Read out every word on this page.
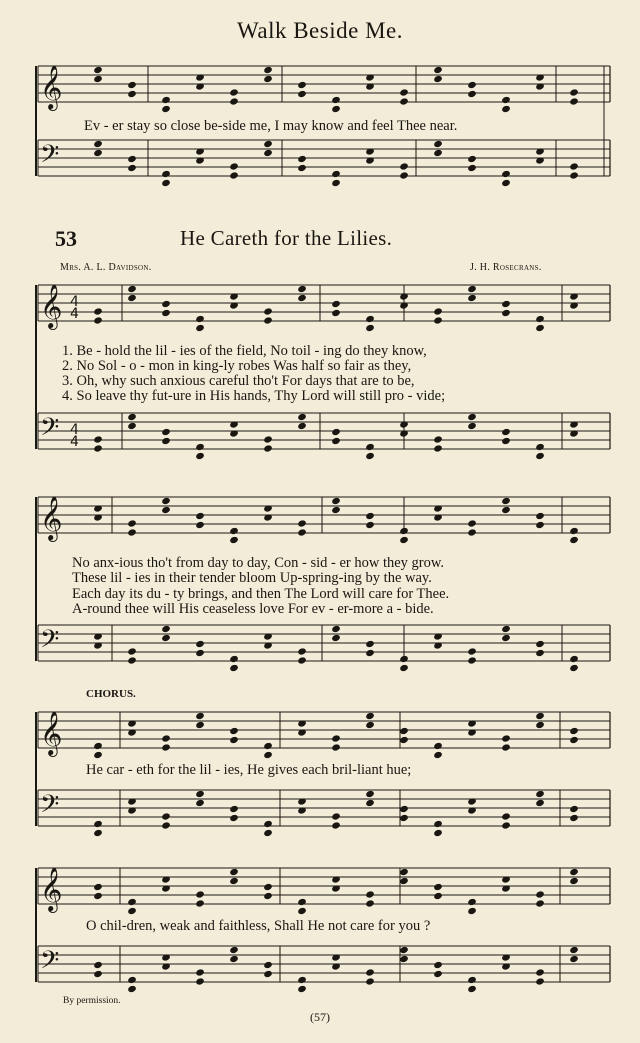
Walk Beside Me.
𝄞
𝄢
𝄞
𝄢
𝄞
𝄢
𝄞
𝄢
𝄞
𝄢
4
4
4
4
Ev - er stay so close be-side me, I may know and feel Thee near.
53	He Careth for the Lilies.
Mrs. A. L. Davidson.	J. H. Rosecrans.
1. Be - hold the lil - ies of the field, No toil - ing do they know,
2. No Sol - o - mon in king-ly robes Was half so fair as they,
3. Oh, why such anxious careful tho't For days that are to be,
4. So leave thy fut-ure in His hands, Thy Lord will still pro - vide;
No anx-ious tho't from day to day, Con - sid - er how they grow.
These lil - ies in their tender bloom Up-spring-ing by the way.
Each day its du - ty brings, and then The Lord will care for Thee.
A-round thee will His ceaseless love For ev - er-more a - bide.
CHORUS.
He car - eth for the lil - ies, He gives each bril-liant hue;
O chil-dren, weak and faithless, Shall He not care for you ?
By permission.
(57)
